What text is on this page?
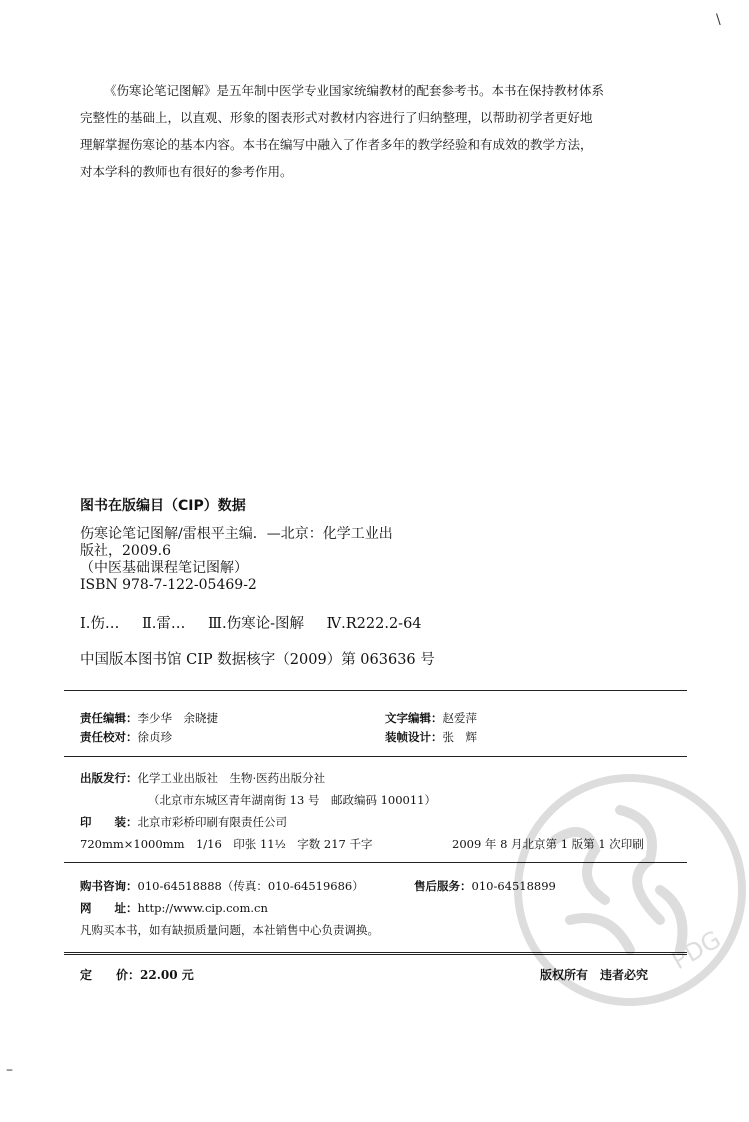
\
–

《伤寒论笔记图解》是五年制中医学专业国家统编教材的配套参考书。本书在保持教材体系

完整性的基础上，以直观、形象的图表形式对教材内容进行了归纳整理，以帮助初学者更好地

理解掌握伤寒论的基本内容。本书在编写中融入了作者多年的教学经验和有成效的教学方法，

对本学科的教师也有很好的参考作用。

图书在版编目（CIP）数据
伤寒论笔记图解/雷根平主编．—北京：化学工业出
版社，2009.6
（中医基础课程笔记图解）
ISBN 978-7-122-05469-2
Ⅰ.伤… Ⅱ.雷… Ⅲ.伤寒论-图解 Ⅳ.R222.2-64
中国版本图书馆 CIP 数据核字（2009）第 063636 号
责任编辑：李少华　余晓捷	文字编辑：赵爱萍
责任校对：徐贞珍	装帧设计：张　辉
出版发行：化学工业出版社　生物·医药出版分社
（北京市东城区青年湖南街 13 号　邮政编码 100011）
印　　装：北京市彩桥印刷有限责任公司
720mm×1000mm　1/16　印张 11½　字数 217 千字	2009 年 8 月北京第 1 版第 1 次印刷
购书咨询：010-64518888（传真：010-64519686）	售后服务：010-64518899
网　　址：http://www.cip.com.cn
凡购买本书，如有缺损质量问题，本社销售中心负责调换。
定　　价：22.00 元	版权所有　违者必究 PDG
